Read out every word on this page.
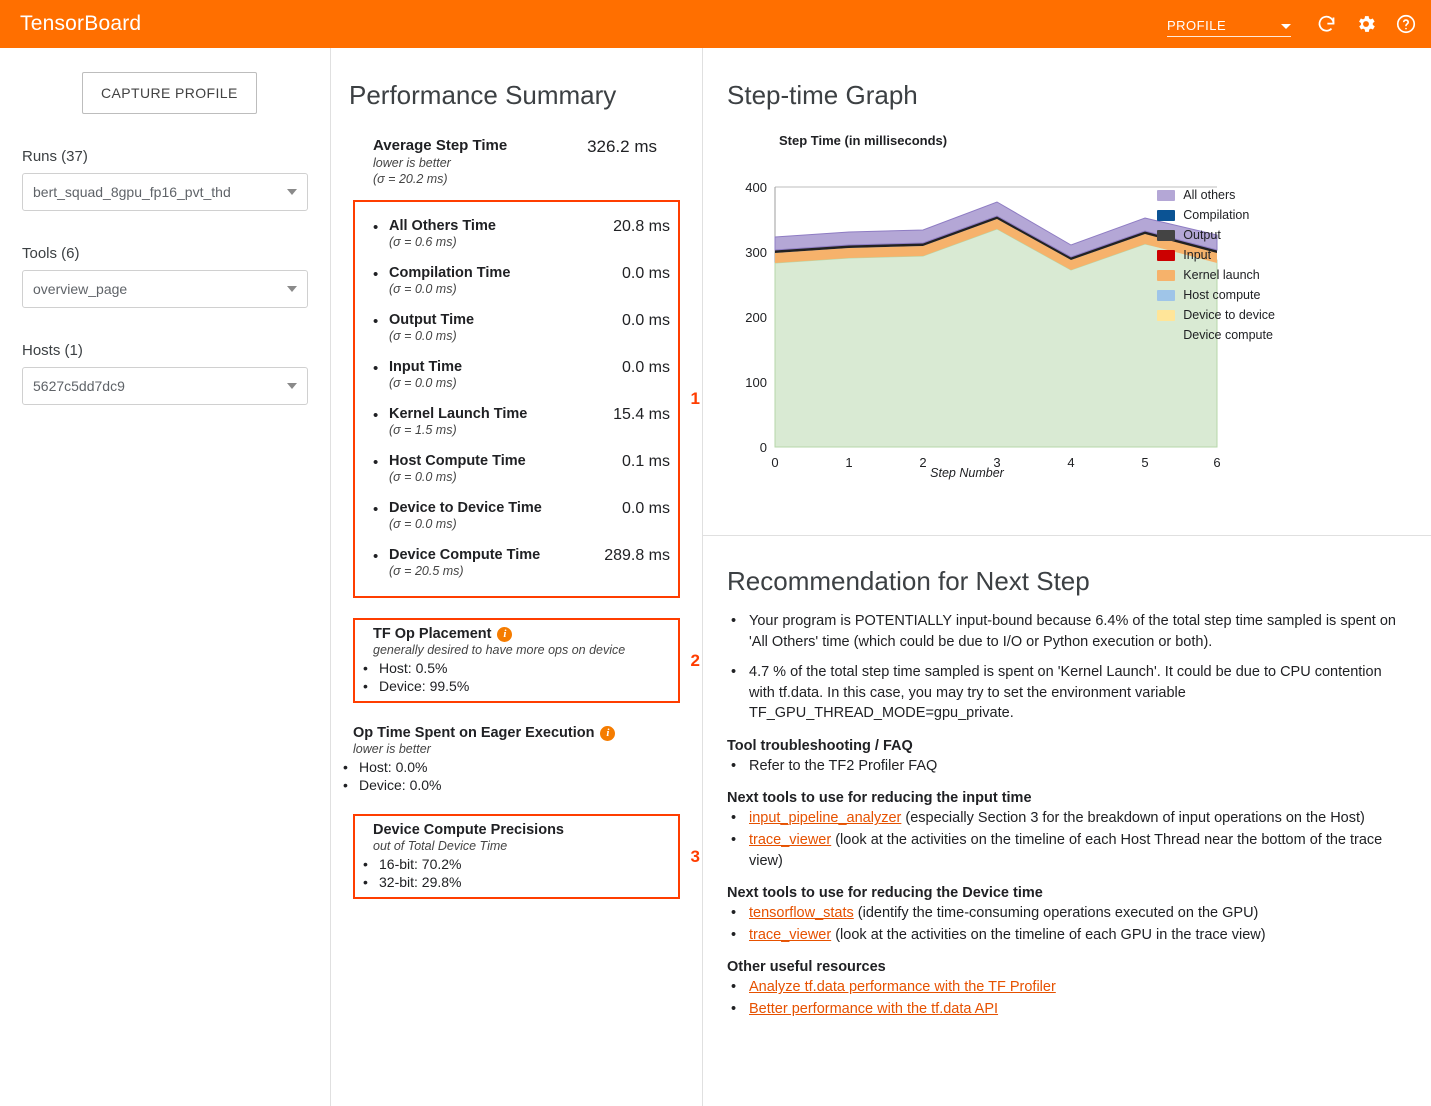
TensorBoard	PROFILE
CAPTURE PROFILE
Runs (37)
bert_squad_8gpu_fp16_pvt_thd
Tools (6)
overview_page
Hosts (1)
5627c5dd7dc9
Performance Summary
Average Step Time
lower is better
(σ = 20.2 ms)
326.2 ms
1
• All Others Time
(σ = 0.6 ms)
20.8 ms
• Compilation Time
(σ = 0.0 ms)
0.0 ms
• Output Time
(σ = 0.0 ms)
0.0 ms
• Input Time
(σ = 0.0 ms)
0.0 ms
• Kernel Launch Time
(σ = 1.5 ms)
15.4 ms
• Host Compute Time
(σ = 0.0 ms)
0.1 ms
• Device to Device Time
(σ = 0.0 ms)
0.0 ms
• Device Compute Time
(σ = 20.5 ms)
289.8 ms
2
TF Op Placement	i
generally desired to have more ops on device
• Host: 0.5%
• Device: 99.5%
Op Time Spent on Eager Execution	i
lower is better
• Host: 0.0%
• Device: 0.0%
3
Device Compute Precisions
out of Total Device Time
• 16-bit: 70.2%
• 32-bit: 29.8%
Step-time Graph
Step Time (in milliseconds)
400
300
200
100
0
0	1	2	3	4	5	6
All others
Compilation
Output
Input
Kernel launch
Host compute
Device to device
Device compute
Step Number
Recommendation for Next Step
• Your program is POTENTIALLY input-bound because 6.4% of the total step time sampled is spent on 'All Others' time (which could be due to I/O or Python execution or both).
• 4.7 % of the total step time sampled is spent on 'Kernel Launch'. It could be due to CPU contention with tf.data. In this case, you may try to set the environment variable TF_GPU_THREAD_MODE=gpu_private.
Tool troubleshooting / FAQ
• Refer to the TF2 Profiler FAQ
Next tools to use for reducing the input time
• input_pipeline_analyzer (especially Section 3 for the breakdown of input operations on the Host)
• trace_viewer (look at the activities on the timeline of each Host Thread near the bottom of the trace view)
Next tools to use for reducing the Device time
• tensorflow_stats (identify the time-consuming operations executed on the GPU)
• trace_viewer (look at the activities on the timeline of each GPU in the trace view)
Other useful resources
• Analyze tf.data performance with the TF Profiler
• Better performance with the tf.data API
